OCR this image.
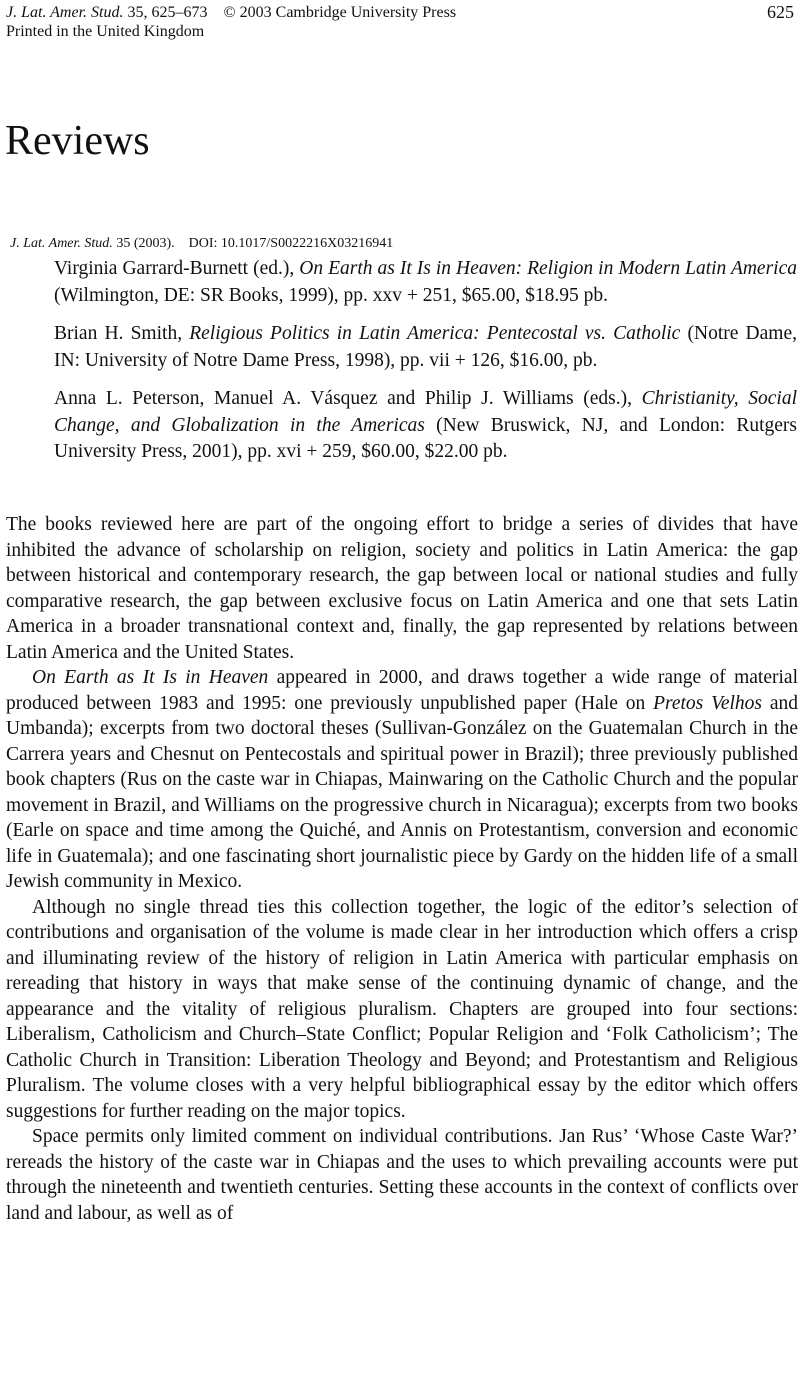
J. Lat. Amer. Stud. 35, 625–673 © 2003 Cambridge University Press
Printed in the United Kingdom
625
Reviews
J. Lat. Amer. Stud. 35 (2003). DOI: 10.1017/S0022216X03216941
Virginia Garrard-Burnett (ed.), On Earth as It Is in Heaven: Religion in Modern Latin America (Wilmington, DE: SR Books, 1999), pp. xxv + 251, $65.00, $18.95 pb.
Brian H. Smith, Religious Politics in Latin America: Pentecostal vs. Catholic (Notre Dame, IN: University of Notre Dame Press, 1998), pp. vii + 126, $16.00, pb.
Anna L. Peterson, Manuel A. Vásquez and Philip J. Williams (eds.), Christianity, Social Change, and Globalization in the Americas (New Bruswick, NJ, and London: Rutgers University Press, 2001), pp. xvi + 259, $60.00, $22.00 pb.

The books reviewed here are part of the ongoing effort to bridge a series of divides that have inhibited the advance of scholarship on religion, society and politics in Latin America: the gap between historical and contemporary research, the gap between local or national studies and fully comparative research, the gap between exclusive focus on Latin America and one that sets Latin America in a broader transnational context and, finally, the gap represented by relations between Latin America and the United States.

On Earth as It Is in Heaven appeared in 2000, and draws together a wide range of material produced between 1983 and 1995: one previously unpublished paper (Hale on Pretos Velhos and Umbanda); excerpts from two doctoral theses (Sullivan-González on the Guatemalan Church in the Carrera years and Chesnut on Pentecostals and spiritual power in Brazil); three previously published book chapters (Rus on the caste war in Chiapas, Mainwaring on the Catholic Church and the popular movement in Brazil, and Williams on the progressive church in Nicaragua); excerpts from two books (Earle on space and time among the Quiché, and Annis on Protestantism, conversion and economic life in Guatemala); and one fascinating short journalistic piece by Gardy on the hidden life of a small Jewish community in Mexico.

Although no single thread ties this collection together, the logic of the editor’s selection of contributions and organisation of the volume is made clear in her introduction which offers a crisp and illuminating review of the history of religion in Latin America with particular emphasis on rereading that history in ways that make sense of the continuing dynamic of change, and the appearance and the vitality of religious pluralism. Chapters are grouped into four sections: Liberalism, Catholicism and Church–State Conflict; Popular Religion and ‘Folk Catholicism’; The Catholic Church in Transition: Liberation Theology and Beyond; and Protestantism and Religious Pluralism. The volume closes with a very helpful bibliographical essay by the editor which offers suggestions for further reading on the major topics.

Space permits only limited comment on individual contributions. Jan Rus’ ‘Whose Caste War?’ rereads the history of the caste war in Chiapas and the uses to which prevailing accounts were put through the nineteenth and twentieth centuries. Setting these accounts in the context of conflicts over land and labour, as well as of
